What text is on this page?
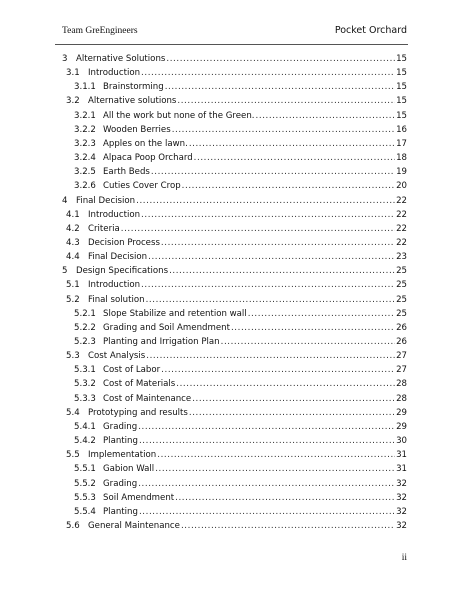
Team GreEngineers	Pocket Orchard
3 Alternative Solutions .....	15
3.1 Introduction .....	15
3.1.1 Brainstorming .....	15
3.2 Alternative solutions .....	15
3.2.1 All the work but none of the Green. .....	15
3.2.2 Wooden Berries .....	16
3.2.3 Apples on the lawn. .....	17
3.2.4 Alpaca Poop Orchard .....	18
3.2.5 Earth Beds .....	19
3.2.6 Cuties Cover Crop .....	20
4 Final Decision .....	22
4.1 Introduction .....	22
4.2 Criteria .....	22
4.3 Decision Process .....	22
4.4 Final Decision .....	23
5 Design Specifications .....	25
5.1 Introduction .....	25
5.2 Final solution .....	25
5.2.1 Slope Stabilize and retention wall .....	25
5.2.2 Grading and Soil Amendment .....	26
5.2.3 Planting and Irrigation Plan .....	26
5.3 Cost Analysis .....	27
5.3.1 Cost of Labor .....	27
5.3.2 Cost of Materials .....	28
5.3.3 Cost of Maintenance .....	28
5.4 Prototyping and results .....	29
5.4.1 Grading .....	29
5.4.2 Planting .....	30
5.5 Implementation .....	31
5.5.1 Gabion Wall .....	31
5.5.2 Grading .....	32
5.5.3 Soil Amendment .....	32
5.5.4 Planting .....	32
5.6 General Maintenance .....	32
ii
